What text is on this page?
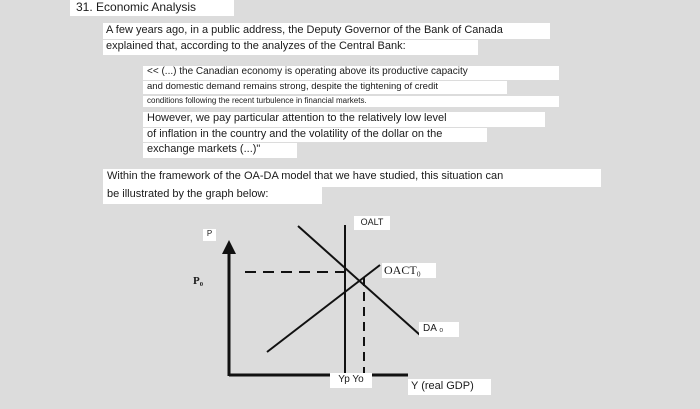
31. Economic Analysis
A few years ago, in a public address, the Deputy Governor of the Bank of Canada
explained that, according to the analyzes of the Central Bank:
<< (...) the Canadian economy is operating above its productive capacity
and domestic demand remains strong, despite the tightening of credit
conditions following the recent turbulence in financial markets.
However, we pay particular attention to the relatively low level
of inflation in the country and the volatility of the dollar on the
exchange markets (...)"
Within the framework of the OA-DA model that we have studied, this situation can
be illustrated by the graph below:
P
P₀
OALT
OACT₀
DA ₀
Yp Yo
Y (real GDP)
